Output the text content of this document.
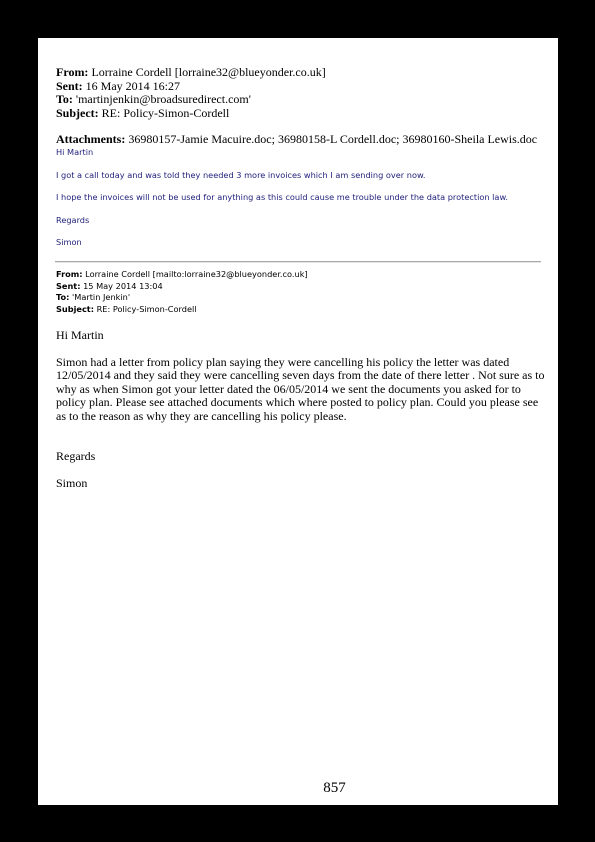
From: Lorraine Cordell [lorraine32@blueyonder.co.uk]
Sent: 16 May 2014 16:27
To: 'martinjenkin@broadsuredirect.com'
Subject: RE: Policy-Simon-Cordell
Attachments: 36980157-Jamie Macuire.doc; 36980158-L Cordell.doc; 36980160-Sheila Lewis.doc

Hi Martin

I got a call today and was told they needed 3 more invoices which I am sending over now.

I hope the invoices will not be used for anything as this could cause me trouble under the data protection law.

Regards

Simon

From: Lorraine Cordell [mailto:lorraine32@blueyonder.co.uk]
Sent: 15 May 2014 13:04
To: 'Martin Jenkin'
Subject: RE: Policy-Simon-Cordell

Hi Martin

Simon had a letter from policy plan saying they were cancelling his policy the letter was dated

12/05/2014 and they said they were cancelling seven days from the date of there letter . Not sure as to

why as when Simon got your letter dated the 06/05/2014 we sent the documents you asked for to

policy plan. Please see attached documents which where posted to policy plan. Could you please see

as to the reason as why they are cancelling his policy please.

Regards

Simon

857
